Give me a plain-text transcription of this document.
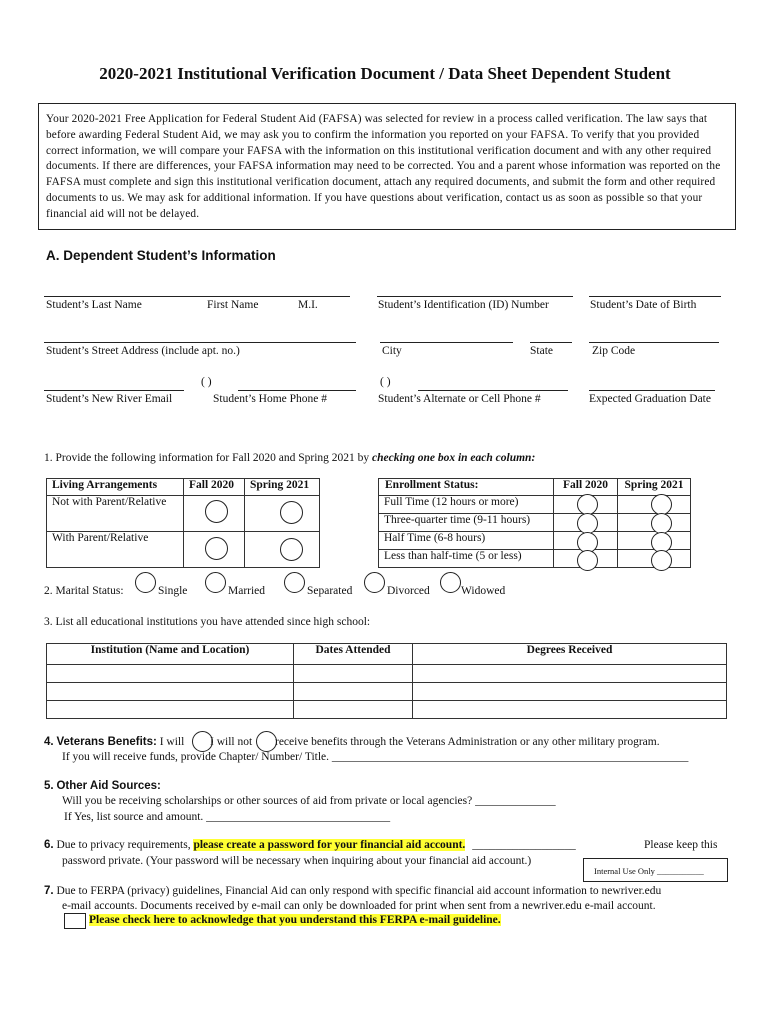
2020-2021 Institutional Verification Document / Data Sheet Dependent Student
Your 2020-2021 Free Application for Federal Student Aid (FAFSA) was selected for review in a process called verification. The law says that before awarding Federal Student Aid, we may ask you to confirm the information you reported on your FAFSA. To verify that you provided correct information, we will compare your FAFSA with the information on this institutional verification document and with any other required documents. If there are differences, your FAFSA information may need to be corrected. You and a parent whose information was reported on the FAFSA must complete and sign this institutional verification document, attach any required documents, and submit the form and other required documents to us. We may ask for additional information. If you have questions about verification, contact us as soon as possible so that your financial aid will not be delayed.
A. Dependent Student’s Information
Student’s Last Name	First Name	M.I.	Student’s Identification (ID) Number	Student’s Date of Birth
Student’s Street Address (include apt. no.)	City	State	Zip Code
( )	( )
Student’s New River Email	Student’s Home Phone #	Student’s Alternate or Cell Phone #	Expected Graduation Date
1. Provide the following information for Fall 2020 and Spring 2021 by checking one box in each column:
Living Arrangements	Fall 2020	Spring 2021
Not with Parent/Relative		
With Parent/Relative		
Enrollment Status:	Fall 2020	Spring 2021
Full Time (12 hours or more)		
Three-quarter time (9-11 hours)		
Half Time (6-8 hours)		
Less than half-time (5 or less)		
2. Marital Status:	Single	Married	Separated	Divorced	Widowed
3. List all educational institutions you have attended since high school:
Institution (Name and Location)	Dates Attended	Degrees Received

4. Veterans Benefits: I will I will not receive benefits through the Veterans Administration or any other military program.
If you will receive funds, provide Chapter/ Number/ Title. ______________________________________________________________
5. Other Aid Sources:
Will you be receiving scholarships or other sources of aid from private or local agencies? ______________
If Yes, list source and amount. ________________________________
6. Due to privacy requirements, please create a password for your financial aid account. __________________	Please keep this
password private. (Your password will be necessary when inquiring about your financial aid account.)
Internal Use Only ___________
7. Due to FERPA (privacy) guidelines, Financial Aid can only respond with specific financial aid account information to newriver.edu
e-mail accounts. Documents received by e-mail can only be downloaded for print when sent from a newriver.edu e-mail account.
Please check here to acknowledge that you understand this FERPA e-mail guideline.
